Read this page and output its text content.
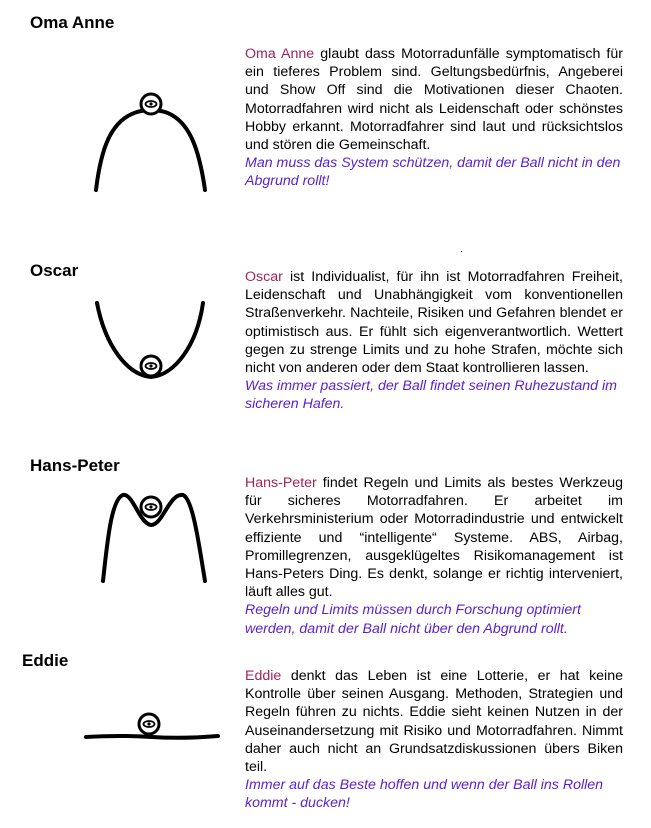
Oma Anne

Oma Anne glaubt dass Motorradunfälle symptomatisch für ein tieferes Problem sind. Geltungsbedürfnis, Angeberei und Show Off sind die Motivationen dieser Chaoten. Motorradfahren wird nicht als Leidenschaft oder schönstes Hobby erkannt. Motorradfahrer sind laut und rücksichtslos und stören die Gemeinschaft.
Man muss das System schützen, damit der Ball nicht in den Abgrund rollt!

.
Oscar	Oscar ist Individualist, für ihn ist Motorradfahren Freiheit, Leidenschaft und Unabhängigkeit vom konventionellen Straßenverkehr. Nachteile, Risiken und Gefahren blendet er optimistisch aus. Er fühlt sich eigenverantwortlich. Wettert gegen zu strenge Limits und zu hohe Strafen, möchte sich nicht von anderen oder dem Staat kontrollieren lassen.
Was immer passiert, der Ball findet seinen Ruhezustand im sicheren Hafen.

Hans-Peter

Hans-Peter findet Regeln und Limits als bestes Werkzeug für sicheres Motorradfahren. Er arbeitet im Verkehrsministerium oder Motorradindustrie und entwickelt effiziente und “intelligente“ Systeme. ABS, Airbag, Promillegrenzen, ausgeklügeltes Risikomanagement ist Hans-Peters Ding. Es denkt, solange er richtig interveniert, läuft alles gut.
Regeln und Limits müssen durch Forschung optimiert werden, damit der Ball nicht über den Abgrund rollt.

Eddie

Eddie denkt das Leben ist eine Lotterie, er hat keine Kontrolle über seinen Ausgang. Methoden, Strategien und Regeln führen zu nichts. Eddie sieht keinen Nutzen in der Auseinandersetzung mit Risiko und Motorradfahren. Nimmt daher auch nicht an Grundsatzdiskussionen übers Biken teil.
Immer auf das Beste hoffen und wenn der Ball ins Rollen kommt - ducken!
